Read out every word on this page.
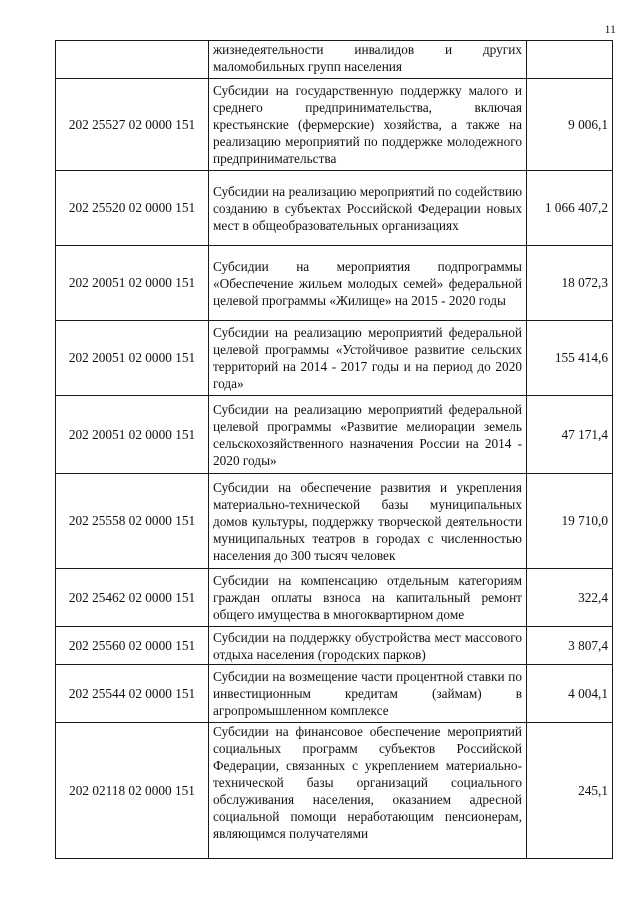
11
	жизнедеятельности инвалидов и других маломобильных групп населения	
202 25527 02 0000 151	Субсидии на государственную поддержку малого и среднего предпринимательства, включая крестьянские (фермерские) хозяйства, а также на реализацию мероприятий по поддержке молодежного предпринимательства	9 006,1
202 25520 02 0000 151	Субсидии на реализацию мероприятий по содействию созданию в субъектах Российской Федерации новых мест в общеобразовательных организациях	1 066 407,2
202 20051 02 0000 151	Субсидии на мероприятия подпрограммы «Обеспечение жильем молодых семей» федеральной целевой программы «Жилище» на 2015 - 2020 годы	18 072,3
202 20051 02 0000 151	Субсидии на реализацию мероприятий федеральной целевой программы «Устойчивое развитие сельских территорий на 2014 - 2017 годы и на период до 2020 года»	155 414,6
202 20051 02 0000 151	Субсидии на реализацию мероприятий федеральной целевой программы «Развитие мелиорации земель сельскохозяйственного назначения России на 2014 - 2020 годы»	47 171,4
202 25558 02 0000 151	Субсидии на обеспечение развития и укрепления материально-технической базы муниципальных домов культуры, поддержку творческой деятельности муниципальных театров в городах с численностью населения до 300 тысяч человек	19 710,0
202 25462 02 0000 151	Субсидии на компенсацию отдельным категориям граждан оплаты взноса на капитальный ремонт общего имущества в многоквартирном доме	322,4
202 25560 02 0000 151	Субсидии на поддержку обустройства мест массового отдыха населения (городских парков)	3 807,4
202 25544 02 0000 151	Субсидии на возмещение части процентной ставки по инвестиционным кредитам (займам) в агропромышленном комплексе	4 004,1
202 02118 02 0000 151	Субсидии на финансовое обеспечение мероприятий социальных программ субъектов Российской Федерации, связанных с укреплением материально-технической базы организаций социального обслуживания населения, оказанием адресной социальной помощи неработающим пенсионерам, являющимся получателями	245,1
